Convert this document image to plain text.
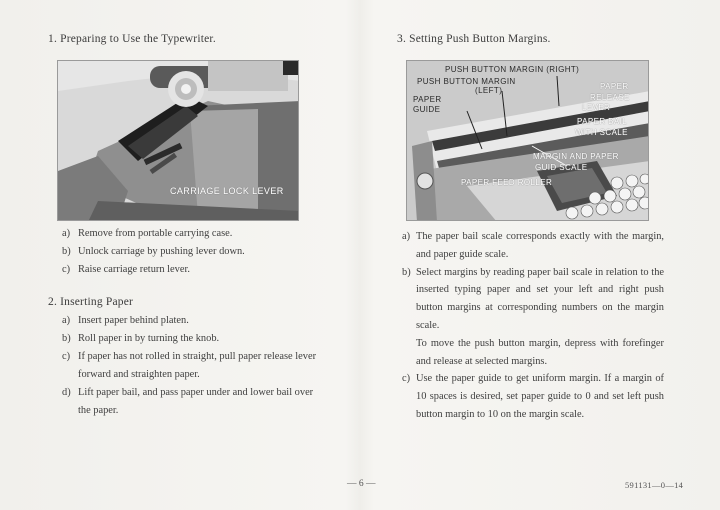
1. Preparing to Use the Typewriter.
CARRIAGE LOCK LEVER
a) Remove from portable carrying case.
b) Unlock carriage by pushing lever down.
c) Raise carriage return lever.
2. Inserting Paper
a) Insert paper behind platen.
b) Roll paper in by turning the knob.
c) If paper has not rolled in straight, pull paper release lever forward and straighten paper.
d) Lift paper bail, and pass paper under and lower bail over the paper.
3. Setting Push Button Margins.
PUSH BUTTON MARGIN (RIGHT)
PUSH BUTTON MARGIN
(LEFT)
PAPER
GUIDE
PAPER
RELEASE
LEVER
PAPER BAIL
WITH SCALE
MARGIN AND PAPER
GUID SCALE
PAPER FEED ROLLER
a) The paper bail scale corresponds exactly with the margin, and paper guide scale.
b) Select margins by reading paper bail scale in relation to the inserted typing paper and set your left and right push button margins at corresponding numbers on the margin scale.
To move the push button margin, depress with forefinger and release at selected margins.
c) Use the paper guide to get uniform margin. If a margin of 10 spaces is desired, set paper guide to 0 and set left push button margin to 10 on the margin scale.
— 6 —	591131—0—14
